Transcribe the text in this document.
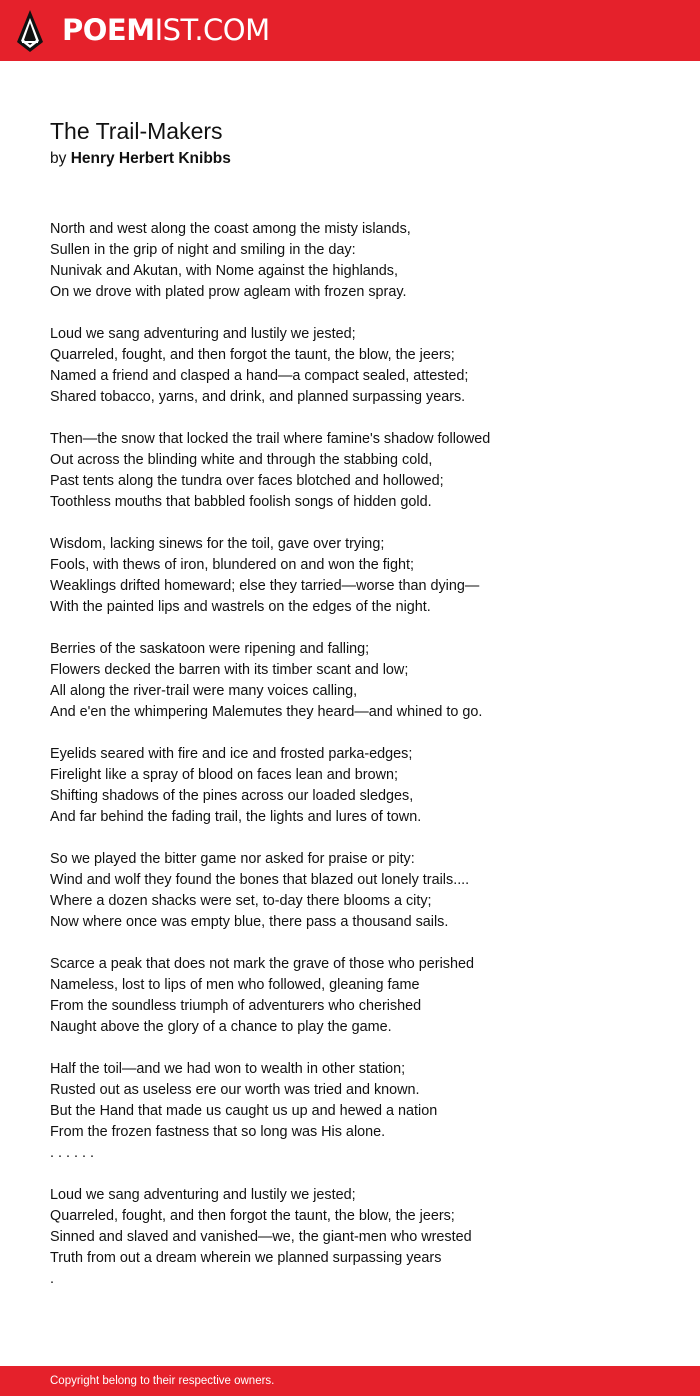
POEMIST.COM
The Trail-Makers
by Henry Herbert Knibbs
North and west along the coast among the misty islands,
Sullen in the grip of night and smiling in the day:
Nunivak and Akutan, with Nome against the highlands,
On we drove with plated prow agleam with frozen spray.
Loud we sang adventuring and lustily we jested;
Quarreled, fought, and then forgot the taunt, the blow, the jeers;
Named a friend and clasped a hand—a compact sealed, attested;
Shared tobacco, yarns, and drink, and planned surpassing years.
Then—the snow that locked the trail where famine's shadow followed
Out across the blinding white and through the stabbing cold,
Past tents along the tundra over faces blotched and hollowed;
Toothless mouths that babbled foolish songs of hidden gold.
Wisdom, lacking sinews for the toil, gave over trying;
Fools, with thews of iron, blundered on and won the fight;
Weaklings drifted homeward; else they tarried—worse than dying—
With the painted lips and wastrels on the edges of the night.
Berries of the saskatoon were ripening and falling;
Flowers decked the barren with its timber scant and low;
All along the river-trail were many voices calling,
And e'en the whimpering Malemutes they heard—and whined to go.
Eyelids seared with fire and ice and frosted parka-edges;
Firelight like a spray of blood on faces lean and brown;
Shifting shadows of the pines across our loaded sledges,
And far behind the fading trail, the lights and lures of town.
So we played the bitter game nor asked for praise or pity:
Wind and wolf they found the bones that blazed out lonely trails....
Where a dozen shacks were set, to-day there blooms a city;
Now where once was empty blue, there pass a thousand sails.
Scarce a peak that does not mark the grave of those who perished
Nameless, lost to lips of men who followed, gleaning fame
From the soundless triumph of adventurers who cherished
Naught above the glory of a chance to play the game.
Half the toil—and we had won to wealth in other station;
Rusted out as useless ere our worth was tried and known.
But the Hand that made us caught us up and hewed a nation
From the frozen fastness that so long was His alone.
. . . . . .
Loud we sang adventuring and lustily we jested;
Quarreled, fought, and then forgot the taunt, the blow, the jeers;
Sinned and slaved and vanished—we, the giant-men who wrested
Truth from out a dream wherein we planned surpassing years
.
Copyright belong to their respective owners.
